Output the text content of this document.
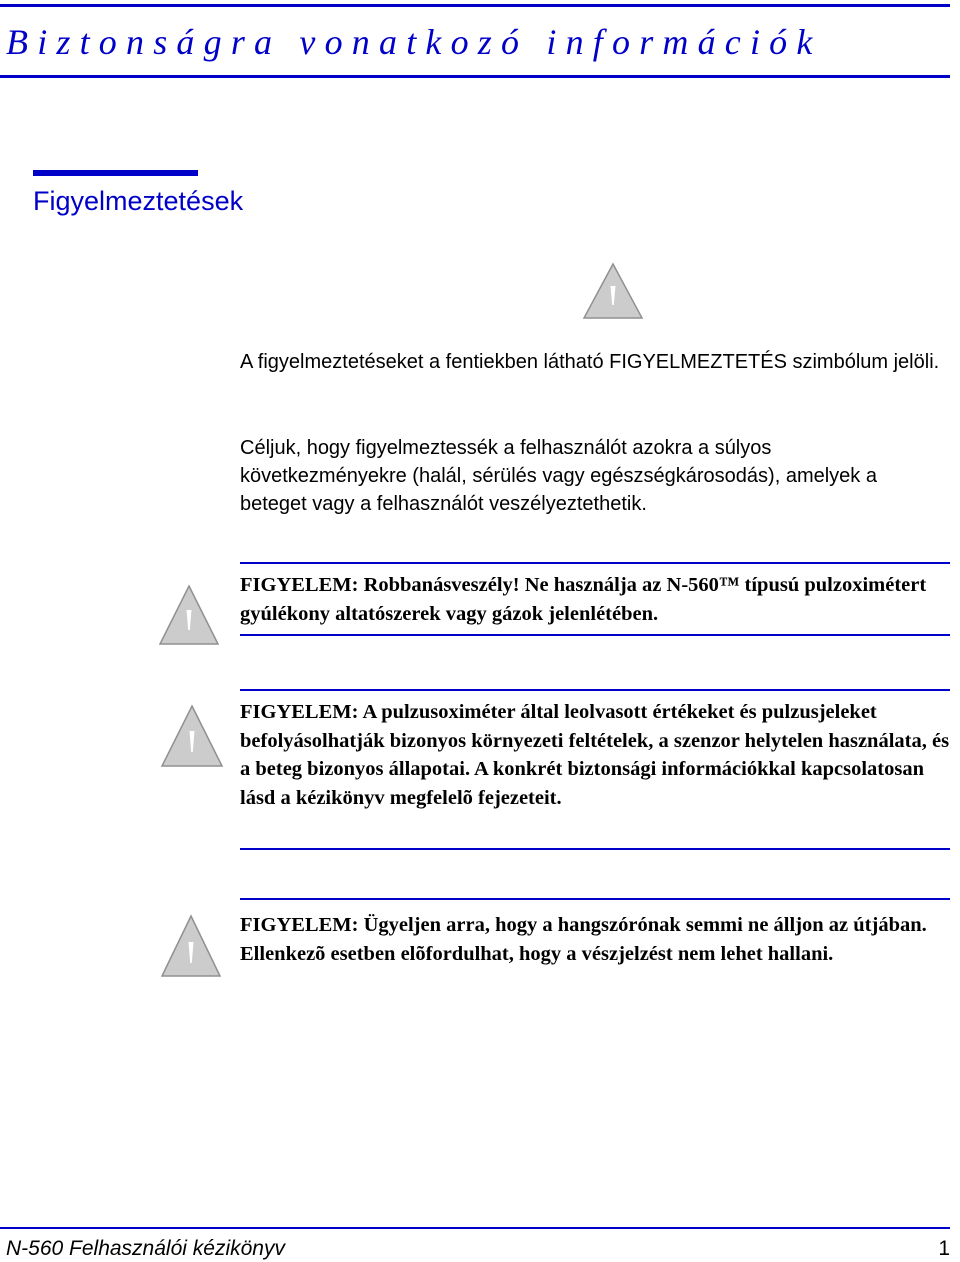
Biztonságra vonatkozó információk
Figyelmeztetések

A figyelmeztetéseket a fentiekben látható FIGYELMEZTETÉS szimbólum jelöli.

Céljuk, hogy figyelmeztessék a felhasználót azokra a súlyos következményekre (halál, sérülés vagy egészségkárosodás), amelyek a beteget vagy a felhasználót veszélyeztethetik.

FIGYELEM: Robbanásveszély! Ne használja az N-560™ típusú pulzoximétert gyúlékony altatószerek vagy gázok jelenlétében.

FIGYELEM: A pulzusoximéter által leolvasott értékeket és pulzusjeleket befolyásolhatják bizonyos környezeti feltételek, a szenzor helytelen használata, és a beteg bizonyos állapotai. A konkrét biztonsági információkkal kapcsolatosan lásd a kézikönyv megfelelõ fejezeteit.

FIGYELEM: Ügyeljen arra, hogy a hangszórónak semmi ne álljon az útjában. Ellenkezõ esetben elõfordulhat, hogy a vészjelzést nem lehet hallani.

N-560 Felhasználói kézikönyv	1
